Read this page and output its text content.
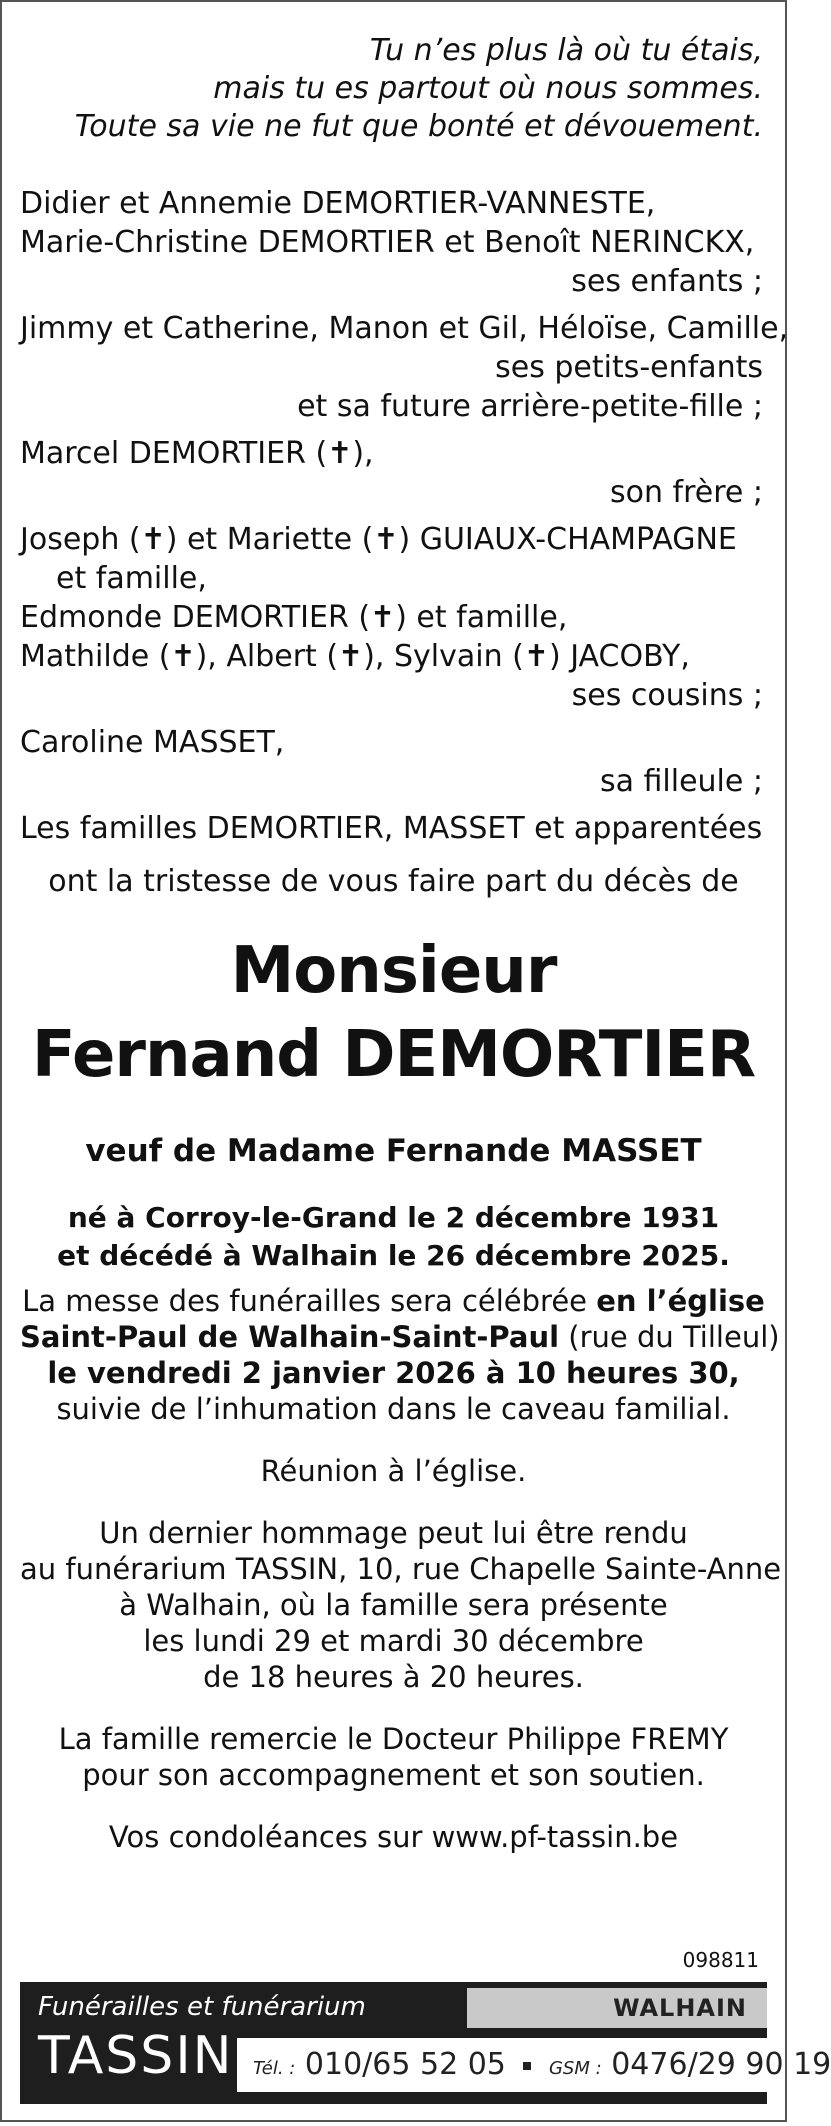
Tu n’es plus là où tu étais,
mais tu es partout où nous sommes.
Toute sa vie ne fut que bonté et dévouement.
Didier et Annemie DEMORTIER-VANNESTE,
Marie-Christine DEMORTIER et Benoît NERINCKX,
ses enfants ;
Jimmy et Catherine, Manon et Gil, Héloïse, Camille,
ses petits-enfants
et sa future arrière-petite-fille ;
Marcel DEMORTIER (✝),
son frère ;
Joseph (✝) et Mariette (✝) GUIAUX-CHAMPAGNE
et famille,
Edmonde DEMORTIER (✝) et famille,
Mathilde (✝), Albert (✝), Sylvain (✝) JACOBY,
ses cousins ;
Caroline MASSET,
sa filleule ;
Les familles DEMORTIER, MASSET et apparentées
ont la tristesse de vous faire part du décès de
Monsieur
Fernand DEMORTIER
veuf de Madame Fernande MASSET
né à Corroy-le-Grand le 2 décembre 1931
et décédé à Walhain le 26 décembre 2025.
La messe des funérailles sera célébrée en l’église
Saint-Paul de Walhain-Saint-Paul (rue du Tilleul)
le vendredi 2 janvier 2026 à 10 heures 30,
suivie de l’inhumation dans le caveau familial.
Réunion à l’église.
Un dernier hommage peut lui être rendu
au funérarium TASSIN, 10, rue Chapelle Sainte-Anne
à Walhain, où la famille sera présente
les lundi 29 et mardi 30 décembre
de 18 heures à 20 heures.
La famille remercie le Docteur Philippe FREMY
pour son accompagnement et son soutien.
Vos condoléances sur www.pf-tassin.be
098811
Funérailles et funérarium
TASSIN
WALHAIN
Tél. : 010/65 52 05 GSM : 0476/29 90 19
